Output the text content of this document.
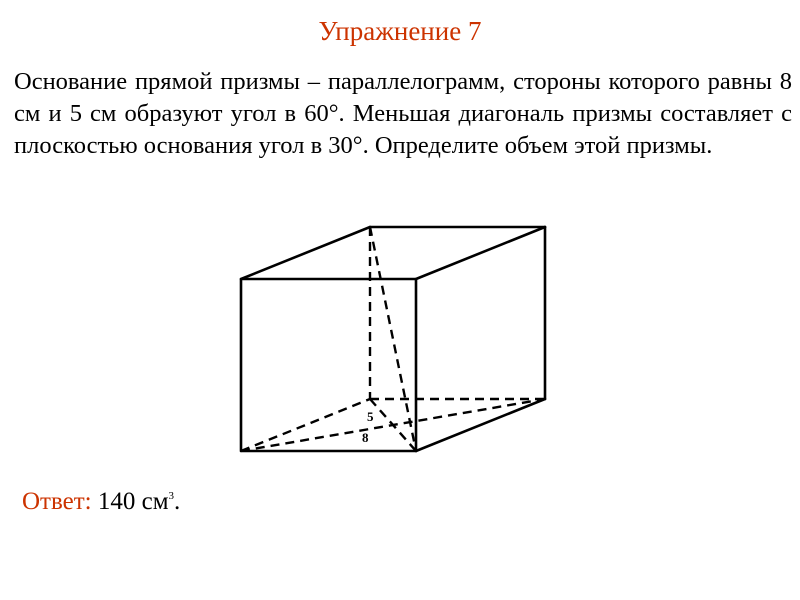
Упражнение 7
Основание прямой призмы – параллелограмм, стороны которого равны 8 см и 5 см образуют угол в 60°. Меньшая диагональ призмы составляет с плоскостью основания угол в 30°. Определите объем этой призмы.
5
8
Ответ: 140 $см^3$.
